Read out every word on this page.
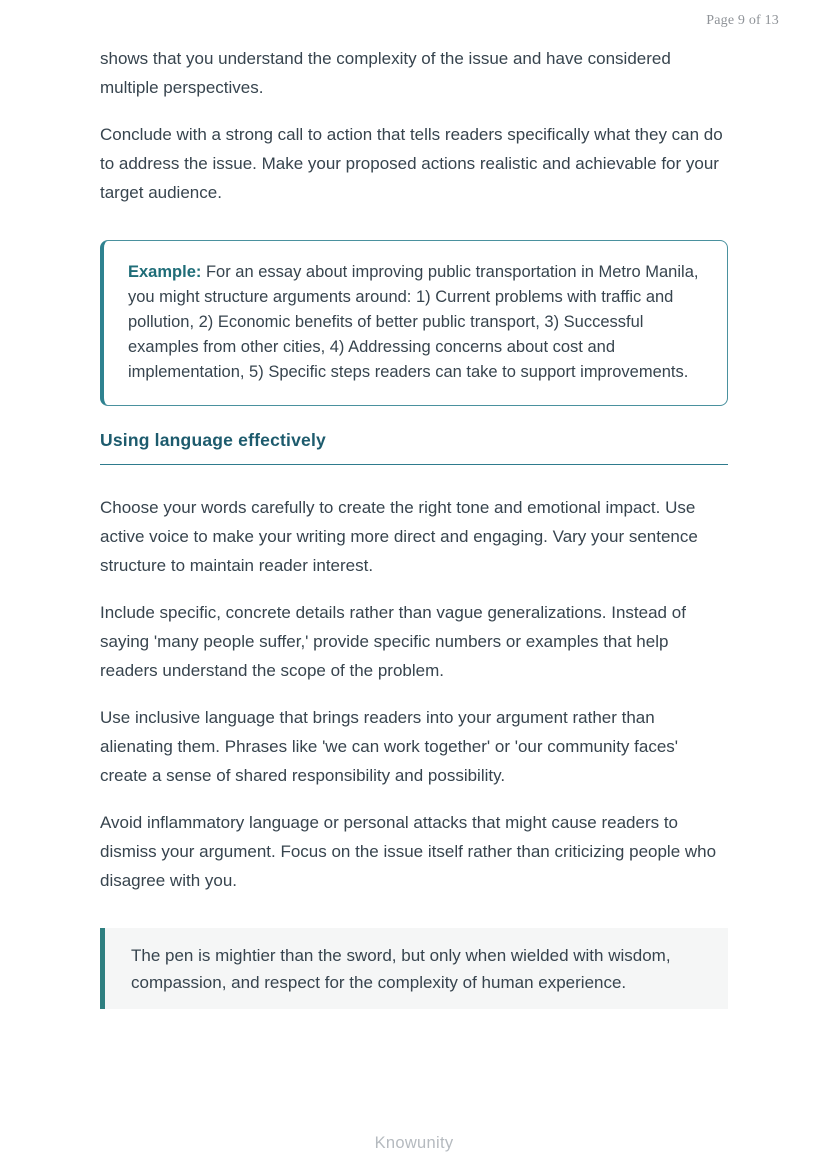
Page 9 of 13

shows that you understand the complexity of the issue and have considered multiple perspectives.

Conclude with a strong call to action that tells readers specifically what they can do to address the issue. Make your proposed actions realistic and achievable for your target audience.

Example: For an essay about improving public transportation in Metro Manila, you might structure arguments around: 1) Current problems with traffic and pollution, 2) Economic benefits of better public transport, 3) Successful examples from other cities, 4) Addressing concerns about cost and implementation, 5) Specific steps readers can take to support improvements.
Using language effectively

Choose your words carefully to create the right tone and emotional impact. Use active voice to make your writing more direct and engaging. Vary your sentence structure to maintain reader interest.

Include specific, concrete details rather than vague generalizations. Instead of saying 'many people suffer,' provide specific numbers or examples that help readers understand the scope of the problem.

Use inclusive language that brings readers into your argument rather than alienating them. Phrases like 'we can work together' or 'our community faces' create a sense of shared responsibility and possibility.

Avoid inflammatory language or personal attacks that might cause readers to dismiss your argument. Focus on the issue itself rather than criticizing people who disagree with you.

The pen is mightier than the sword, but only when wielded with wisdom, compassion, and respect for the complexity of human experience.
Knowunity
